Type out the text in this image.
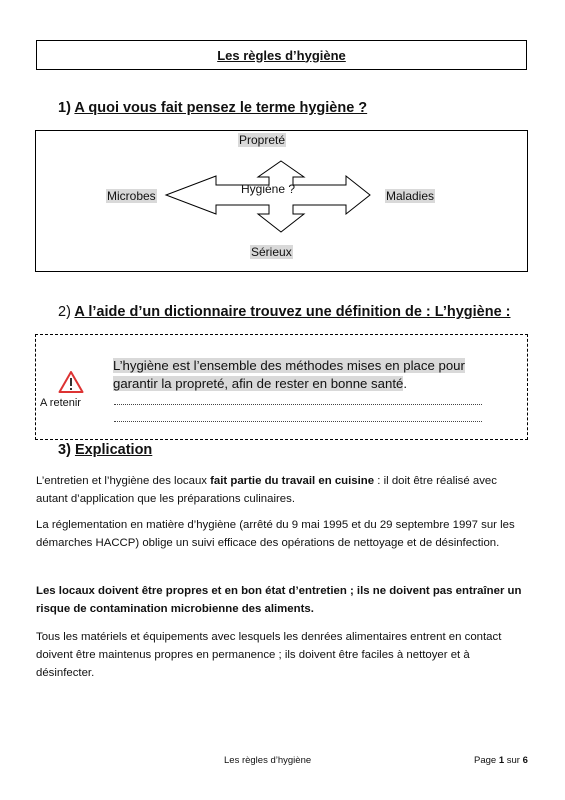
Les règles d’hygiène
1) A quoi vous fait pensez le terme hygiène ?
Propreté
Microbes	Maladies
Sérieux
Hygiène ?
2) A l’aide d’un dictionnaire trouvez une définition de : L’hygiène :
A retenir
L’hygiène est l’ensemble des méthodes mises en place pour
garantir la propreté, afin de rester en bonne santé.
3) Explication
L’entretien et l’hygiène des locaux fait partie du travail en cuisine : il doit être réalisé avec autant d’application que les préparations culinaires.
La réglementation en matière d’hygiène (arrêté du 9 mai 1995 et du 29 septembre 1997 sur les démarches HACCP) oblige un suivi efficace des opérations de nettoyage et de désinfection.
Les locaux doivent être propres et en bon état d’entretien ; ils ne doivent pas entraîner un risque de contamination microbienne des aliments.
Tous les matériels et équipements avec lesquels les denrées alimentaires entrent en contact doivent être maintenus propres en permanence ; ils doivent être faciles à nettoyer et à désinfecter.
Les règles d’hygiène	Page 1 sur 6
